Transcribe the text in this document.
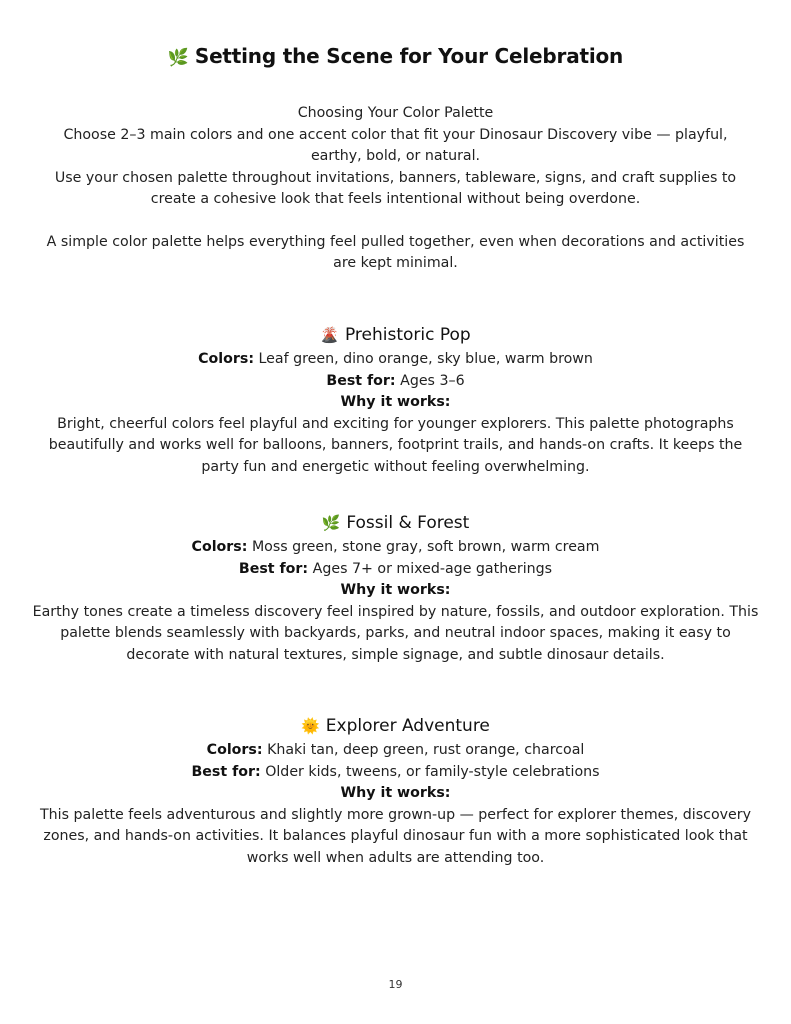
🌿 Setting the Scene for Your Celebration

Choosing Your Color Palette

Choose 2–3 main colors and one accent color that fit your Dinosaur Discovery vibe — playful, earthy, bold, or natural.

Use your chosen palette throughout invitations, banners, tableware, signs, and craft supplies to create a cohesive look that feels intentional without being overdone.

A simple color palette helps everything feel pulled together, even when decorations and activities are kept minimal.

🌋 Prehistoric Pop

Colors: Leaf green, dino orange, sky blue, warm brown

Best for: Ages 3–6

Why it works:

Bright, cheerful colors feel playful and exciting for younger explorers. This palette photographs beautifully and works well for balloons, banners, footprint trails, and hands-on crafts. It keeps the party fun and energetic without feeling overwhelming.

🌿 Fossil & Forest

Colors: Moss green, stone gray, soft brown, warm cream

Best for: Ages 7+ or mixed-age gatherings

Why it works:

Earthy tones create a timeless discovery feel inspired by nature, fossils, and outdoor exploration. This palette blends seamlessly with backyards, parks, and neutral indoor spaces, making it easy to decorate with natural textures, simple signage, and subtle dinosaur details.

🌞 Explorer Adventure

Colors: Khaki tan, deep green, rust orange, charcoal

Best for: Older kids, tweens, or family-style celebrations

Why it works:

This palette feels adventurous and slightly more grown-up — perfect for explorer themes, discovery zones, and hands-on activities. It balances playful dinosaur fun with a more sophisticated look that works well when adults are attending too.

19
